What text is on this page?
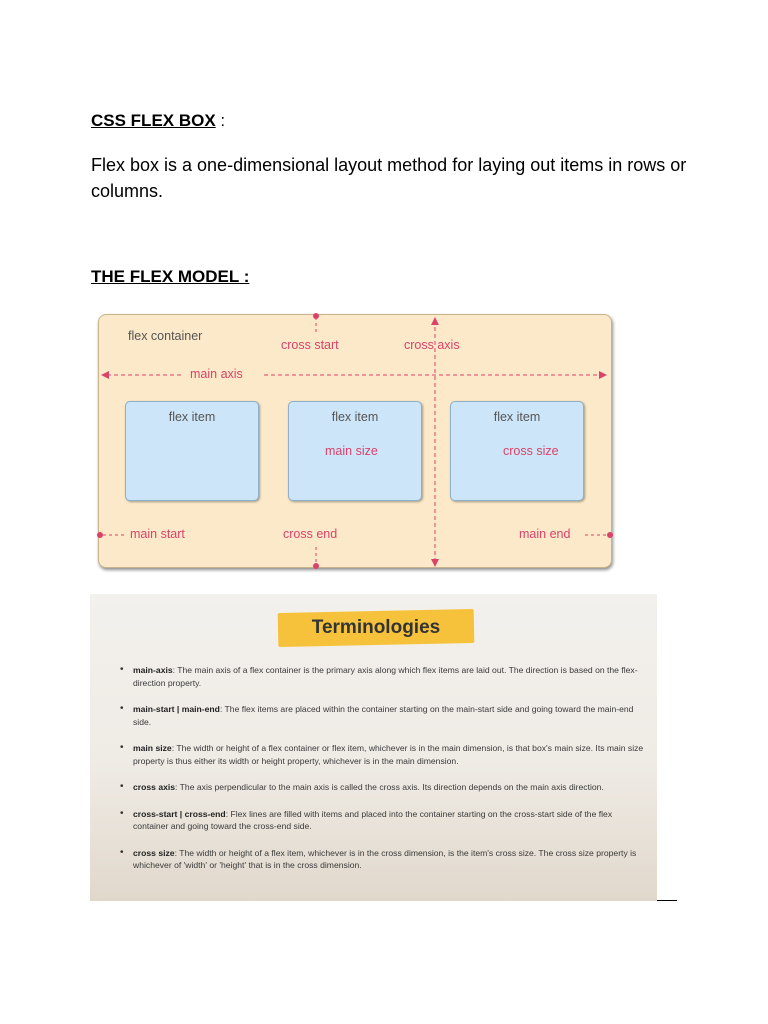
CSS FLEX BOX :
Flex box is a one-dimensional layout method for laying out items in rows or columns.
THE FLEX MODEL :
flex container
cross start	cross axis
main axis
flex item	flex item	flex item
main size	cross size
main start	cross end	main end
Terminologies
• main-axis: The main axis of a flex container is the primary axis along which flex items are laid out. The direction is based on the flex-direction property.
• main-start | main-end: The flex items are placed within the container starting on the main-start side and going toward the main-end side.
• main size: The width or height of a flex container or flex item, whichever is in the main dimension, is that box's main size. Its main size property is thus either its width or height property, whichever is in the main dimension.
• cross axis: The axis perpendicular to the main axis is called the cross axis. Its direction depends on the main axis direction.
• cross-start | cross-end: Flex lines are filled with items and placed into the container starting on the cross-start side of the flex container and going toward the cross-end side.
• cross size: The width or height of a flex item, whichever is in the cross dimension, is the item's cross size. The cross size property is whichever of 'width' or 'height' that is in the cross dimension.
